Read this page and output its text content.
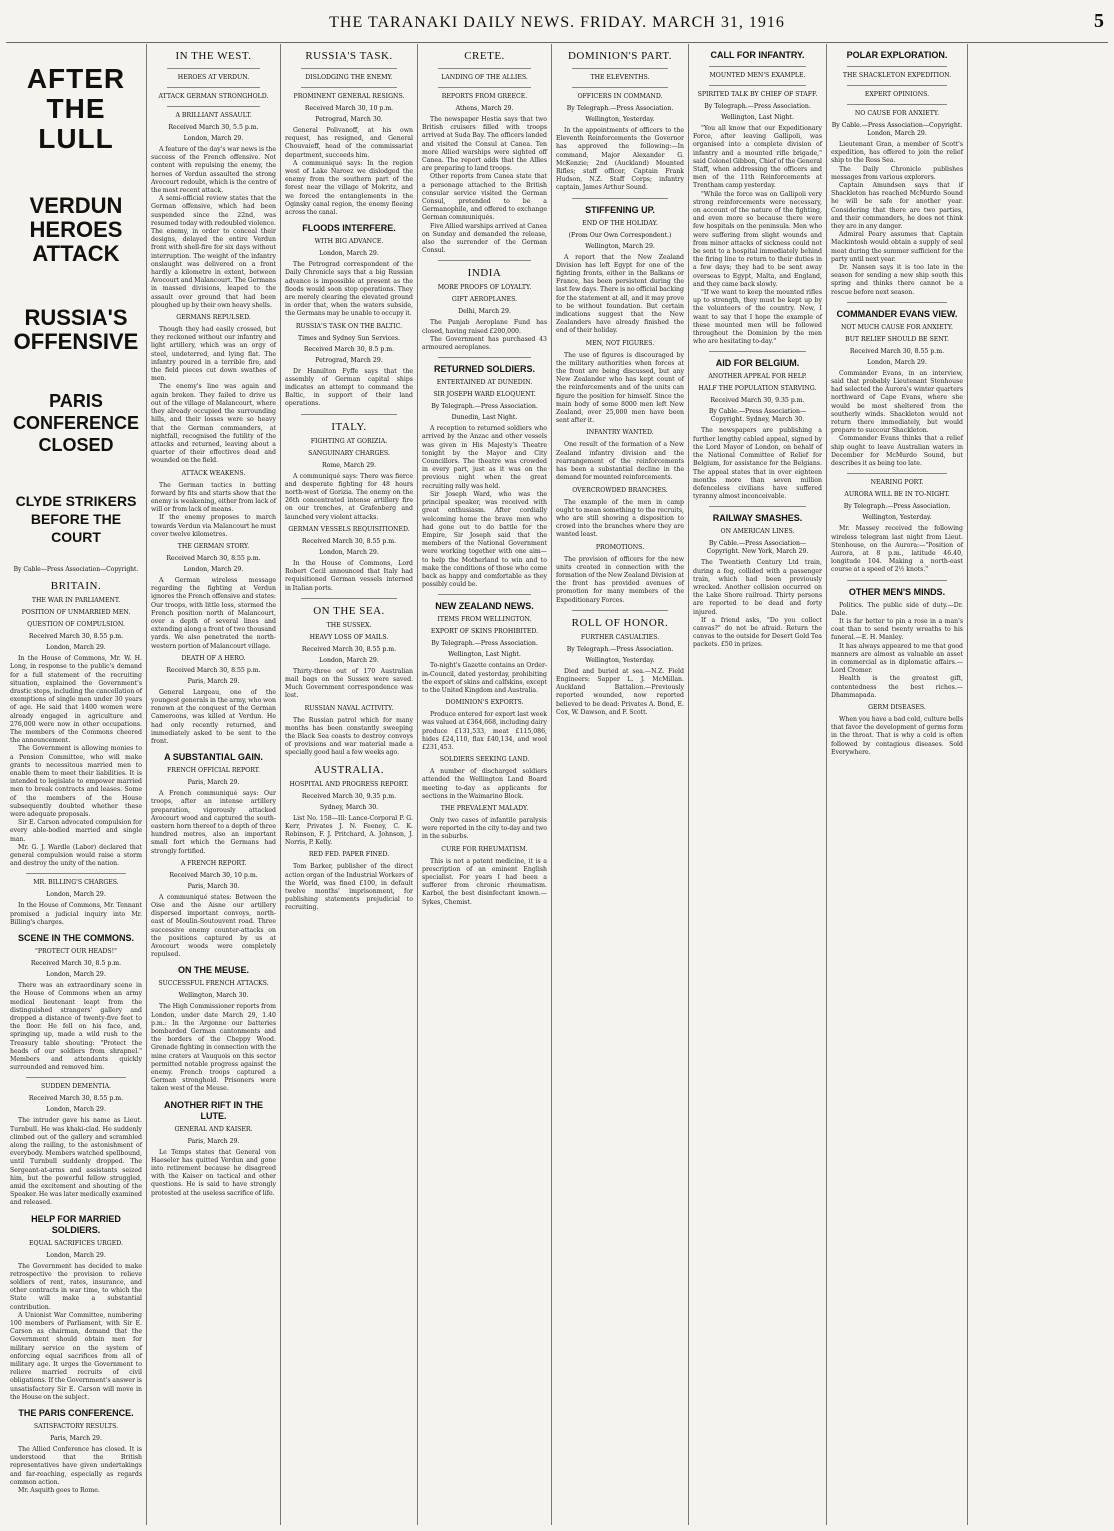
THE TARANAKI DAILY NEWS. FRIDAY. MARCH 31, 1916	5
AFTER THE LULL
VERDUN HEROES ATTACK
RUSSIA'S OFFENSIVE
PARIS CONFERENCE CLOSED
CLYDE STRIKERS BEFORE THE COURT
By Cable—Press Association—Copyright.
BRITAIN.
THE WAR IN PARLIAMENT.
POSITION OF UNMARRIED MEN.
QUESTION OF COMPULSION.
Received March 30, 8.55 p.m.
London, March 29.

In the House of Commons, Mr. W. H. Long, in response to the public's demand for a full statement of the recruiting situation, explained the Government's drastic steps, including the cancellation of exemptions of single men under 30 years of age. He said that 1400 women were already engaged in agriculture and 276,000 were now in other occupations. The members of the Commons cheered the announcement.

The Government is allowing monies to a Pension Committee, who will make grants to necessitous married men to enable them to meet their liabilities. It is intended to legislate to empower married men to break contracts and leases. Some of the members of the House subsequently doubted whether these were adequate proposals.

Sir E. Carson advocated compulsion for every able-bodied married and single man.

Mr. G. J. Wardle (Labor) declared that general compulsion would raise a storm and destroy the unity of the nation.

MR. BILLING'S CHARGES.
London, March 29.

In the House of Commons, Mr. Tennant promised a judicial inquiry into Mr. Billing's charges.

SCENE IN THE COMMONS.
"PROTECT OUR HEADS!"
Received March 30, 8.5 p.m.
London, March 29.

There was an extraordinary scene in the House of Commons when an army medical lieutenant leapt from the distinguished strangers' gallery and dropped a distance of twenty-five feet to the floor. He fell on his face, and, springing up, made a wild rush to the Treasury table shouting: "Protect the heads of our soldiers from shrapnel." Members and attendants quickly surrounded and removed him.

SUDDEN DEMENTIA.
Received March 30, 8.55 p.m.
London, March 29.

The intruder gave his name as Lieut. Turnbull. He was khaki-clad. He suddenly climbed out of the gallery and scrambled along the railing, to the astonishment of everybody. Members watched spellbound, until Turnbull suddenly dropped. The Sergeant-at-arms and assistants seized him, but the powerful fellow struggled, amid the excitement and shouting of the Speaker. He was later medically examined and released.

HELP FOR MARRIED SOLDIERS.
EQUAL SACRIFICES URGED.
London, March 29.

The Government has decided to make retrospective the provision to relieve soldiers of rent, rates, insurance, and other contracts in war time, to which the State will make a substantial contribution.

A Unionist War Committee, numbering 100 members of Parliament, with Sir E. Carson as chairman, demand that the Government should obtain men for military service on the system of enforcing equal sacrifices from all of military age. It urges the Government to relieve married recruits of civil obligations. If the Government's answer is unsatisfactory Sir E. Carson will move in the House on the subject.

THE PARIS CONFERENCE.
SATISFACTORY RESULTS.
Paris, March 29.

The Allied Conference has closed. It is understood that the British representatives have given undertakings and far-reaching, especially as regards common action.

Mr. Asquith goes to Rome.

IN THE WEST.
HEROES AT VERDUN.
ATTACK GERMAN STRONGHOLD.
A BRILLIANT ASSAULT.
Received March 30, 5.5 p.m.
London, March 29.

A feature of the day's war news is the success of the French offensive. Not content with repulsing the enemy, the heroes of Verdun assaulted the strong Avocourt redoubt, which is the centre of the most recent attack.

A semi-official review states that the German offensive, which had been suspended since the 22nd, was resumed today with redoubled violence. The enemy, in order to conceal their designs, delayed the entire Verdun front with shell-fire for six days without interruption. The weight of the infantry onslaught was delivered on a front hardly a kilometre in extent, between Avocourt and Malancourt. The Germans in massed divisions, leaped to the assault over ground that had been ploughed up by their own heavy shells.

GERMANS REPULSED.

Though they had easily crossed, but they reckoned without our infantry and light artillery, which was an orgy of steel, undeterred, and lying flat. The infantry poured in a terrible fire, and the field pieces cut down swathes of men.

The enemy's line was again and again broken. They failed to drive us out of the village of Malancourt, where they already occupied the surrounding hills, and their losses were so heavy that the German commanders, at nightfall, recognised the futility of the attacks and returned, leaving about a quarter of their effectives dead and wounded on the field.

ATTACK WEAKENS.

The German tactics in butting forward by fits and starts show that the enemy is weakening, either from lack of will or from lack of means.

If the enemy proposes to march towards Verdun via Malancourt he must cover twelve kilometres.

THE GERMAN STORY.
Received March 30, 8.55 p.m.
London, March 29.

A German wireless message regarding the fighting at Verdun ignores the French offensive and states: Our troops, with little loss, stormed the French position north of Malancourt, over a depth of several lines and extending along a front of two thousand yards. We also penetrated the north-western portion of Malancourt village.

DEATH OF A HERO.
Received March 30, 8.55 p.m.
Paris, March 29.

General Largeau, one of the youngest generals in the army, who won renown at the conquest of the German Cameroons, was killed at Verdun. He had only recently returned, and immediately asked to be sent to the front.

A SUBSTANTIAL GAIN.
FRENCH OFFICIAL REPORT.
Paris, March 29.

A French communiqué says: Our troops, after an intense artillery preparation, vigorously attacked Avocourt wood and captured the south-eastern horn thereof to a depth of three hundred metres, also an important small fort which the Germans had strongly fortified.

A FRENCH REPORT.
Received March 30, 10 p.m.
Paris, March 30.

A communiqué states: Between the Oise and the Aisne our artillery dispersed important convoys, north-east of Moulin-Soutouvent road. Three successive enemy counter-attacks on the positions captured by us at Avocourt woods were completely repulsed.

ON THE MEUSE.
SUCCESSFUL FRENCH ATTACKS.
Wellington, March 30.

The High Commissioner reports from London, under date March 29, 1.40 p.m.: In the Argonne our batteries bombarded German cantonments and the borders of the Cheppy Wood. Grenade fighting in connection with the mine craters at Vauquois on this sector permitted notable progress against the enemy. French troops captured a German stronghold. Prisoners were taken west of the Meuse.

ANOTHER RIFT IN THE LUTE.
GENERAL AND KAISER.
Paris, March 29.

Le Temps states that General von Haeseler has quitted Verdun and gone into retirement because he disagreed with the Kaiser on tactical and other questions. He is said to have strongly protested at the useless sacrifice of life.

RUSSIA'S TASK.
DISLODGING THE ENEMY.
PROMINENT GENERAL RESIGNS.
Received March 30, 10 p.m.
Petrograd, March 30.

General Polivanoff, at his own request, has resigned, and General Chouvaieff, head of the commissariat department, succeeds him.

A communiqué says: In the region west of Lake Naroez we dislodged the enemy from the southern part of the forest near the village of Mokritz, and we forced the entanglements in the Oginsky canal region, the enemy fleeing across the canal.

FLOODS INTERFERE.
WITH BIG ADVANCE.
London, March 29.

The Petrograd correspondent of the Daily Chronicle says that a big Russian advance is impossible at present as the floods would soon stop operations. They are merely clearing the elevated ground in order that, when the waters subside, the Germans may be unable to occupy it.

RUSSIA'S TASK ON THE BALTIC.
Times and Sydney Sun Services.
Received March 30, 8.5 p.m.
Petrograd, March 29.

Dr Hamilton Fyffe says that the assembly of German capital ships indicates an attempt to command the Baltic, in support of their land operations.

ITALY.
FIGHTING AT GORIZIA.
SANGUINARY CHARGES.
Rome, March 29.

A communiqué says: There was fierce and desperate fighting for 48 hours north-west of Gorizia. The enemy on the 26th concentrated intense artillery fire on our trenches, at Grafenberg and launched very violent attacks.

GERMAN VESSELS REQUISITIONED.
Received March 30, 8.55 p.m.
London, March 29.

In the House of Commons, Lord Robert Cecil announced that Italy had requisitioned German vessels interned in Italian ports.

ON THE SEA.
THE SUSSEX.
HEAVY LOSS OF MAILS.
Received March 30, 8.55 p.m.
London, March 29.

Thirty-three out of 170 Australian mail bags on the Sussex were saved. Much Government correspondence was lost.

RUSSIAN NAVAL ACTIVITY.

The Russian patrol which for many months has been constantly sweeping the Black Sea coasts to destroy convoys of provisions and war material made a specially good haul a few weeks ago.

AUSTRALIA.
HOSPITAL AND PROGRESS REPORT.
Received March 30, 9.35 p.m.
Sydney, March 30.

List No. 158—Ill: Lance-Corporal P. G. Kerr, Privates J. N. Feeney, C. K. Robinson, F. J. Pritchard, A. Johnson, J. Norris, P. Kelly.

RED FED. PAPER FINED.

Tom Barker, publisher of the direct action organ of the Industrial Workers of the World, was fined £100, in default twelve months' imprisonment, for publishing statements prejudicial to recruiting.

CRETE.
LANDING OF THE ALLIES.
REPORTS FROM GREECE.
Athens, March 29.

The newspaper Hestia says that two British cruisers filled with troops arrived at Suda Bay. The officers landed and visited the Consul at Canea. Ten more Allied warships were sighted off Canea. The report adds that the Allies are preparing to land troops.

Other reports from Canea state that a personage attached to the British consular service visited the German Consul, pretended to be a Germanophile, and offered to exchange German communiqués.

Five Allied warships arrived at Canea on Sunday and demanded the release, also the surrender of the German Consul.

INDIA
MORE PROOFS OF LOYALTY.
GIFT AEROPLANES.
Delhi, March 29.

The Punjab Aeroplane Fund has closed, having raised £200,000.

The Government has purchased 43 armoured aeroplanes.

RETURNED SOLDIERS.
ENTERTAINED AT DUNEDIN.
SIR JOSEPH WARD ELOQUENT.
By Telegraph.—Press Association.
Dunedin, Last Night.

A reception to returned soldiers who arrived by the Anzac and other vessels was given in His Majesty's Theatre tonight by the Mayor and City Councillors. The theatre was crowded in every part, just as it was on the previous night when the great recruiting rally was held.

Sir Joseph Ward, who was the principal speaker, was received with great enthusiasm. After cordially welcoming home the brave men who had gone out to do battle for the Empire, Sir Joseph said that the members of the National Government were working together with one aim—to help the Motherland to win and to make the conditions of those who come back as happy and comfortable as they possibly could be.

NEW ZEALAND NEWS.
ITEMS FROM WELLINGTON.
EXPORT OF SKINS PROHIBITED.
By Telegraph.—Press Association.
Wellington, Last Night.

To-night's Gazette contains an Order-in-Council, dated yesterday, prohibiting the export of skins and calfskins, except to the United Kingdom and Australia.

DOMINION'S EXPORTS.

Produce entered for export last week was valued at £364,668, including dairy produce £131,533, meat £115,086, hides £24,110, flax £40,134, and wool £231,453.

SOLDIERS SEEKING LAND.

A number of discharged soldiers attended the Wellington Land Board meeting to-day as applicants for sections in the Waimarino Block.

THE PREVALENT MALADY.

Only two cases of infantile paralysis were reported in the city to-day and two in the suburbs.

CURE FOR RHEUMATISM.

This is not a patent medicine, it is a prescription of an eminent English specialist. For years I had been a sufferer from chronic rheumatism. Karbol, the best disinfectant known.—Sykes, Chemist.

DOMINION'S PART.
THE ELEVENTHS.
OFFICERS IN COMMAND.
By Telegraph.—Press Association.
Wellington, Yesterday.

In the appointments of officers to the Eleventh Reinforcements the Governor has approved the following:—In command, Major Alexander G. McKenzie; 2nd (Auckland) Mounted Rifles; staff officer, Captain Frank Hudson, N.Z. Staff Corps; infantry captain, James Arthur Sound.

STIFFENING UP.
END OF THE HOLIDAY.
(From Our Own Correspondent.)
Wellington, March 29.

A report that the New Zealand Division has left Egypt for one of the fighting fronts, either in the Balkans or France, has been persistent during the last few days. There is no official backing for the statement at all, and it may prove to be without foundation. But certain indications suggest that the New Zealanders have already finished the end of their holiday.

MEN, NOT FIGURES.

The use of figures is discouraged by the military authorities when forces at the front are being discussed, but any New Zealander who has kept count of the reinforcements and of the units can figure the position for himself. Since the main body of some 8000 men left New Zealand, over 25,000 men have been sent after it.

INFANTRY WANTED.

One result of the formation of a New Zealand infantry division and the rearrangement of the reinforcements has been a substantial decline in the demand for mounted reinforcements.

OVERCROWDED BRANCHES.

The example of the men in camp ought to mean something to the recruits, who are still showing a disposition to crowd into the branches where they are wanted least.

PROMOTIONS.

The provision of officers for the new units created in connection with the formation of the New Zealand Division at the front has provided avenues of promotion for many members of the Expeditionary Forces.

ROLL OF HONOR.
FURTHER CASUALTIES.
By Telegraph.—Press Association.
Wellington, Yesterday.

Died and buried at sea.—N.Z. Field Engineers: Sapper L. J. McMillan. Auckland Battalion.—Previously reported wounded, now reported believed to be dead: Privates A. Bond, E. Cox, W. Dawson, and F. Scott.

CALL FOR INFANTRY.
MOUNTED MEN'S EXAMPLE.
SPIRITED TALK BY CHIEF OF STAFF.
By Telegraph.—Press Association.
Wellington, Last Night.

"You all know that our Expeditionary Force, after leaving Gallipoli, was organised into a complete division of infantry and a mounted rifle brigade," said Colonel Gibbon, Chief of the General Staff, when addressing the officers and men of the 11th Reinforcements at Trentham camp yesterday.

"While the force was on Gallipoli very strong reinforcements were necessary, on account of the nature of the fighting, and even more so because there were few hospitals on the peninsula. Men who were suffering from slight wounds and from minor attacks of sickness could not be sent to a hospital immediately behind the firing line to return to their duties in a few days; they had to be sent away overseas to Egypt, Malta, and England, and they came back slowly.

"If we want to keep the mounted rifles up to strength, they must be kept up by the volunteers of the country. Now, I want to say that I hope the example of these mounted men will be followed throughout the Dominion by the men who are hesitating to-day."

AID FOR BELGIUM.
ANOTHER APPEAL FOR HELP.
HALF THE POPULATION STARVING.
Received March 30, 9.35 p.m.
By Cable.—Press Association—Copyright. Sydney, March 30.

The newspapers are publishing a further lengthy cabled appeal, signed by the Lord Mayor of London, on behalf of the National Committee of Relief for Belgium, for assistance for the Belgians. The appeal states that in over eighteen months more than seven million defenceless civilians have suffered tyranny almost inconceivable.

RAILWAY SMASHES.
ON AMERICAN LINES.
By Cable.—Press Association—Copyright. New York, March 29.

The Twentieth Century Ltd train, during a fog, collided with a passenger train, which had been previously wrecked. Another collision occurred on the Lake Shore railroad. Thirty persons are reported to be dead and forty injured.

If a friend asks, "Do you collect canvas?" do not be afraid. Return the canvas to the outside for Desert Gold Tea packets. £50 in prizes.

POLAR EXPLORATION.
THE SHACKLETON EXPEDITION.
EXPERT OPINIONS.
NO CAUSE FOR ANXIETY.
By Cable.—Press Association—Copyright. London, March 29.

Lieutenant Gran, a member of Scott's expedition, has offered to join the relief ship to the Ross Sea.

The Daily Chronicle publishes messages from various explorers.

Captain Amundsen says that if Shackleton has reached McMurdo Sound he will be safe for another year. Considering that there are two parties, and their commanders, he does not think they are in any danger.

Admiral Peary assumes that Captain Mackintosh would obtain a supply of seal meat during the summer sufficient for the party until next year.

Dr. Nansen says it is too late in the season for sending a new ship south this spring and thinks there cannot be a rescue before next season.

COMMANDER EVANS VIEW.
NOT MUCH CAUSE FOR ANXIETY.
BUT RELIEF SHOULD BE SENT.
Received March 30, 8.55 p.m.
London, March 29.

Commander Evans, in an interview, said that probably Lieutenant Stenhouse had selected the Aurora's winter quarters northward of Cape Evans, where she would be most sheltered from the southerly winds. Shackleton would not return there immediately, but would prepare to succour Shackleton.

Commander Evans thinks that a relief ship ought to leave Australian waters in December for McMurdo Sound, but describes it as being too late.

NEARING PORT.
AURORA WILL BE IN TO-NIGHT.
By Telegraph.—Press Association.
Wellington, Yesterday.

Mr. Massey received the following wireless telegram last night from Lieut. Stenhouse, on the Aurora:—"Position of Aurora, at 8 p.m., latitude 46.40, longitude 104. Making a north-east course at a speed of 2½ knots."

OTHER MEN'S MINDS.

Politics. The public side of duty.—Dr. Dale.

It is far better to pin a rose in a man's coat than to send twenty wreaths to his funeral.—E. H. Manley.

It has always appeared to me that good manners are almost as valuable an asset in commercial as in diplomatic affairs.—Lord Cromer.

Health is the greatest gift, contentedness the best riches.—Dhammapada.

GERM DISEASES.

When you have a bad cold, culture bells that favor the development of germs form in the throat. That is why a cold is often followed by contagious diseases. Sold Everywhere.
